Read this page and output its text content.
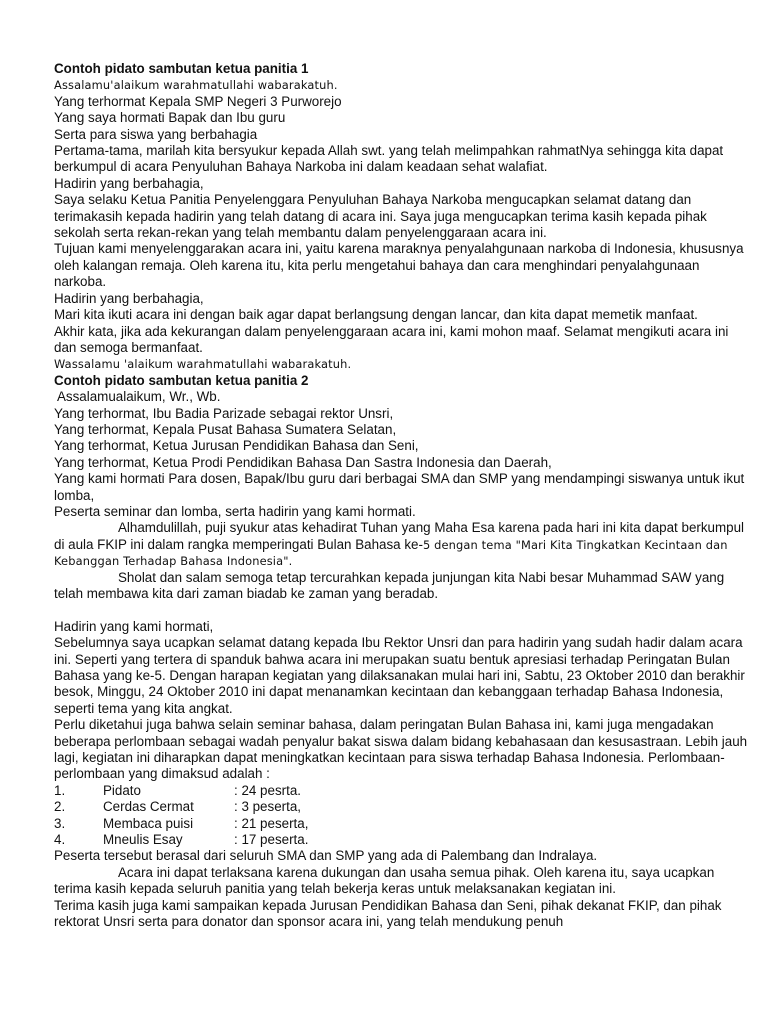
Contoh pidato sambutan ketua panitia 1

Assalamu'alaikum warahmatullahi wabarakatuh.

Yang terhormat Kepala SMP Negeri 3 Purworejo

Yang saya hormati Bapak dan Ibu guru

Serta para siswa yang berbahagia

Pertama-tama, marilah kita bersyukur kepada Allah swt. yang telah melimpahkan rahmatNya sehingga kita dapat berkumpul di acara Penyuluhan Bahaya Narkoba ini dalam keadaan sehat walafiat.

Hadirin yang berbahagia,

Saya selaku Ketua Panitia Penyelenggara Penyuluhan Bahaya Narkoba mengucapkan selamat datang dan terimakasih kepada hadirin yang telah datang di acara ini. Saya juga mengucapkan terima kasih kepada pihak sekolah serta rekan-rekan yang telah membantu dalam penyelenggaraan acara ini.

Tujuan kami menyelenggarakan acara ini, yaitu karena maraknya penyalahgunaan narkoba di Indonesia, khususnya oleh kalangan remaja. Oleh karena itu, kita perlu mengetahui bahaya dan cara menghindari penyalahgunaan narkoba.

Hadirin yang berbahagia,

Mari kita ikuti acara ini dengan baik agar dapat berlangsung dengan lancar, dan kita dapat memetik manfaat.

Akhir kata, jika ada kekurangan dalam penyelenggaraan acara ini, kami mohon maaf. Selamat mengikuti acara ini dan semoga bermanfaat.

Wassalamu 'alaikum warahmatullahi wabarakatuh.

Contoh pidato sambutan ketua panitia 2

Assalamualaikum, Wr., Wb.

Yang terhormat, Ibu Badia Parizade sebagai rektor Unsri,

Yang terhormat, Kepala Pusat Bahasa Sumatera Selatan,

Yang terhormat, Ketua Jurusan Pendidikan Bahasa dan Seni,

Yang terhormat, Ketua Prodi Pendidikan Bahasa Dan Sastra Indonesia dan Daerah,

Yang kami hormati Para dosen, Bapak/Ibu guru dari berbagai SMA dan SMP yang mendampingi siswanya untuk ikut lomba,

Peserta seminar dan lomba, serta hadirin yang kami hormati.

Alhamdulillah, puji syukur atas kehadirat Tuhan yang Maha Esa karena pada hari ini kita dapat berkumpul di aula FKIP ini dalam rangka memperingati Bulan Bahasa ke-5 dengan tema "Mari Kita Tingkatkan Kecintaan dan Kebanggan Terhadap Bahasa Indonesia".

Sholat dan salam semoga tetap tercurahkan kepada junjungan kita Nabi besar Muhammad SAW yang telah membawa kita dari zaman biadab ke zaman yang beradab.

Hadirin yang kami hormati,

Sebelumnya saya ucapkan selamat datang kepada Ibu Rektor Unsri dan para hadirin yang sudah hadir dalam acara ini. Seperti yang tertera di spanduk bahwa acara ini merupakan suatu bentuk apresiasi terhadap Peringatan Bulan Bahasa yang ke-5. Dengan harapan kegiatan yang dilaksanakan mulai hari ini, Sabtu, 23 Oktober 2010 dan berakhir besok, Minggu, 24 Oktober 2010 ini dapat menanamkan kecintaan dan kebanggaan terhadap Bahasa Indonesia, seperti tema yang kita angkat.

Perlu diketahui juga bahwa selain seminar bahasa, dalam peringatan Bulan Bahasa ini, kami juga mengadakan beberapa perlombaan sebagai wadah penyalur bakat siswa dalam bidang kebahasaan dan kesusastraan. Lebih jauh lagi, kegiatan ini diharapkan dapat meningkatkan kecintaan para siswa terhadap Bahasa Indonesia. Perlombaan-perlombaan yang dimaksud adalah :

1.	Pidato	: 24 pesrta.
2.	Cerdas Cermat	: 3 peserta,
3.	Membaca puisi	: 21 peserta,
4.	Mneulis Esay	: 17 peserta.

Peserta tersebut berasal dari seluruh SMA dan SMP yang ada di Palembang dan Indralaya.

Acara ini dapat terlaksana karena dukungan dan usaha semua pihak. Oleh karena itu, saya ucapkan terima kasih kepada seluruh panitia yang telah bekerja keras untuk melaksanakan kegiatan ini.

Terima kasih juga kami sampaikan kepada Jurusan Pendidikan Bahasa dan Seni, pihak dekanat FKIP, dan pihak rektorat Unsri serta para donator dan sponsor acara ini, yang telah mendukung penuh
